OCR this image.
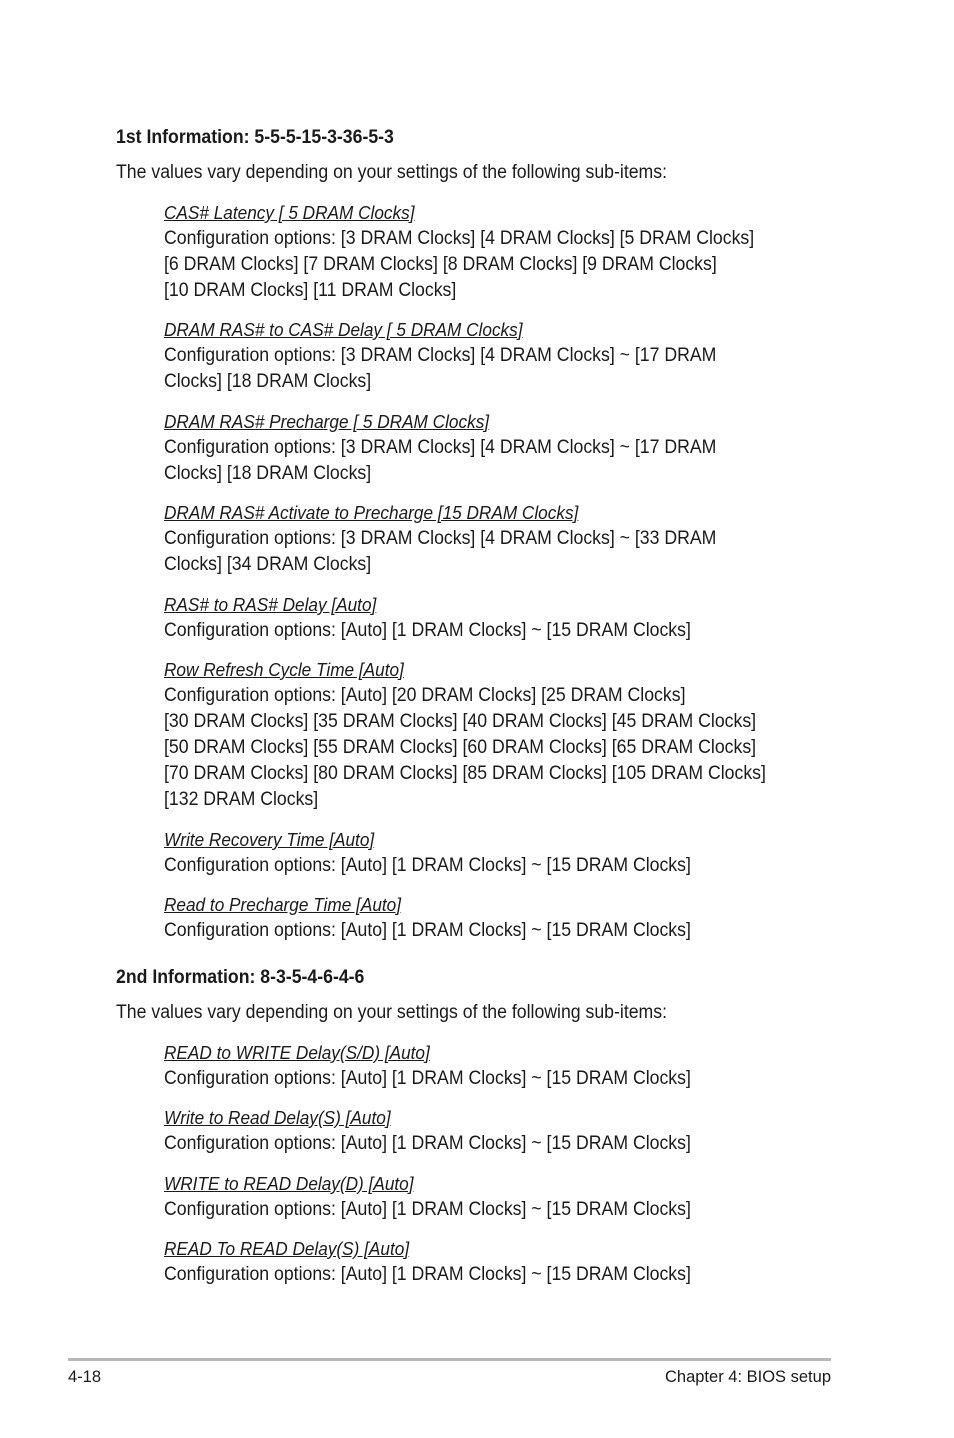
1st Information: 5-5-5-15-3-36-5-3

The values vary depending on your settings of the following sub-items:

CAS# Latency [ 5 DRAM Clocks]
Configuration options: [3 DRAM Clocks] [4 DRAM Clocks] [5 DRAM Clocks]
[6 DRAM Clocks] [7 DRAM Clocks] [8 DRAM Clocks] [9 DRAM Clocks]
[10 DRAM Clocks] [11 DRAM Clocks]
DRAM RAS# to CAS# Delay [ 5 DRAM Clocks]
Configuration options: [3 DRAM Clocks] [4 DRAM Clocks] ~ [17 DRAM
Clocks] [18 DRAM Clocks]
DRAM RAS# Precharge [ 5 DRAM Clocks]
Configuration options: [3 DRAM Clocks] [4 DRAM Clocks] ~ [17 DRAM
Clocks] [18 DRAM Clocks]
DRAM RAS# Activate to Precharge [15 DRAM Clocks]
Configuration options: [3 DRAM Clocks] [4 DRAM Clocks] ~ [33 DRAM
Clocks] [34 DRAM Clocks]
RAS# to RAS# Delay [Auto]
Configuration options: [Auto] [1 DRAM Clocks] ~ [15 DRAM Clocks]
Row Refresh Cycle Time [Auto]
Configuration options: [Auto] [20 DRAM Clocks] [25 DRAM Clocks]
[30 DRAM Clocks] [35 DRAM Clocks] [40 DRAM Clocks] [45 DRAM Clocks]
[50 DRAM Clocks] [55 DRAM Clocks] [60 DRAM Clocks] [65 DRAM Clocks]
[70 DRAM Clocks] [80 DRAM Clocks] [85 DRAM Clocks] [105 DRAM Clocks]
[132 DRAM Clocks]
Write Recovery Time [Auto]
Configuration options: [Auto] [1 DRAM Clocks] ~ [15 DRAM Clocks]
Read to Precharge Time [Auto]
Configuration options: [Auto] [1 DRAM Clocks] ~ [15 DRAM Clocks]
2nd Information: 8-3-5-4-6-4-6

The values vary depending on your settings of the following sub-items:

READ to WRITE Delay(S/D) [Auto]
Configuration options: [Auto] [1 DRAM Clocks] ~ [15 DRAM Clocks]
Write to Read Delay(S) [Auto]
Configuration options: [Auto] [1 DRAM Clocks] ~ [15 DRAM Clocks]
WRITE to READ Delay(D) [Auto]
Configuration options: [Auto] [1 DRAM Clocks] ~ [15 DRAM Clocks]
READ To READ Delay(S) [Auto]
Configuration options: [Auto] [1 DRAM Clocks] ~ [15 DRAM Clocks]
4-18	Chapter 4: BIOS setup
